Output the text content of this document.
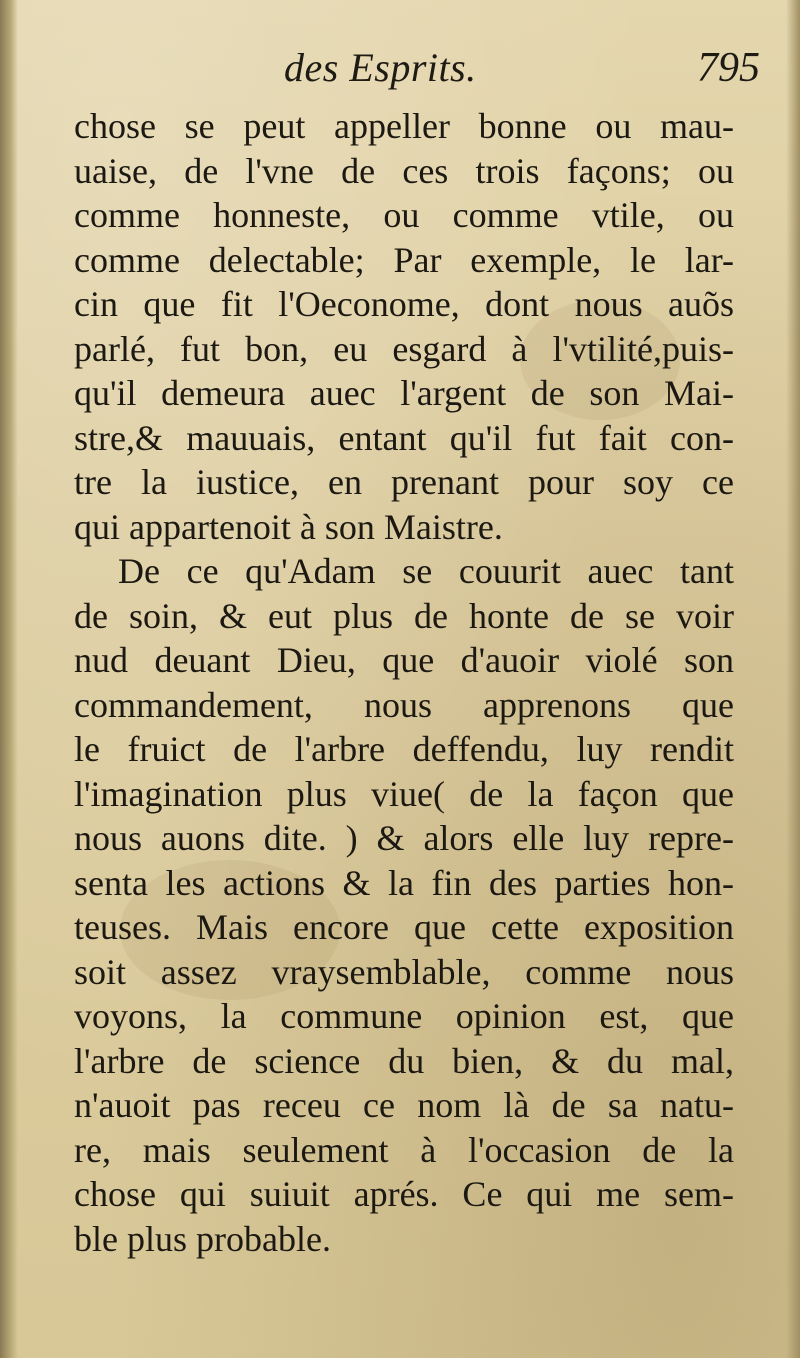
des Esprits.	795
chose se peut appeller bonne ou mau-
uaise, de l'vne de ces trois façons; ou
comme honneste, ou comme vtile, ou
comme delectable; Par exemple, le lar-
cin que fit l'Oeconome, dont nous auõs
parlé, fut bon, eu esgard à l'vtilité,puis-
qu'il demeura auec l'argent de son Mai-
stre,& mauuais, entant qu'il fut fait con-
tre la iustice, en prenant pour soy ce
qui appartenoit à son Maistre.
De ce qu'Adam se couurit auec tant
de soin, & eut plus de honte de se voir
nud deuant Dieu, que d'auoir violé son
commandement, nous apprenons que
le fruict de l'arbre deffendu, luy rendit
l'imagination plus viue( de la façon que
nous auons dite. ) & alors elle luy repre-
senta les actions & la fin des parties hon-
teuses. Mais encore que cette exposition
soit assez vraysemblable, comme nous
voyons, la commune opinion est, que
l'arbre de science du bien, & du mal,
n'auoit pas receu ce nom là de sa natu-
re, mais seulement à l'occasion de la
chose qui suiuit aprés. Ce qui me sem-
ble plus probable.
